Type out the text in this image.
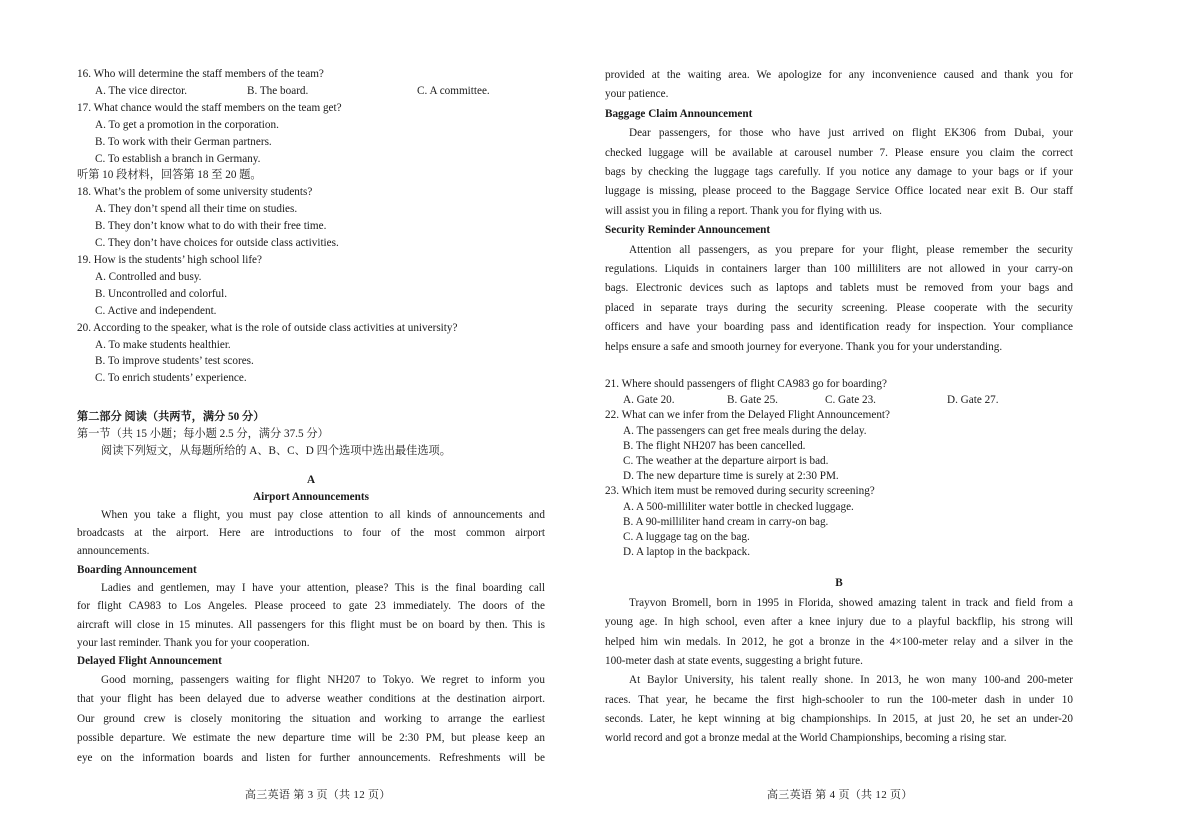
16. Who will determine the staff members of the team?
A. The vice director.	B. The board.	C. A committee.
17. What chance would the staff members on the team get?
A. To get a promotion in the corporation.
B. To work with their German partners.
C. To establish a branch in Germany.
听第 10 段材料，回答第 18 至 20 题。
18. What’s the problem of some university students?
A. They don’t spend all their time on studies.
B. They don’t know what to do with their free time.
C. They don’t have choices for outside class activities.
19. How is the students’ high school life?
A. Controlled and busy.
B. Uncontrolled and colorful.
C. Active and independent.
20. According to the speaker, what is the role of outside class activities at university?
A. To make students healthier.
B. To improve students’ test scores.
C. To enrich students’ experience.
第二部分 阅读（共两节，满分 50 分）
第一节（共 15 小题；每小题 2.5 分，满分 37.5 分）
阅读下列短文，从每题所给的 A、B、C、D 四个选项中选出最佳选项。
A
Airport Announcements
When you take a flight, you must pay close attention to all kinds of announcements and
broadcasts at the airport. Here are introductions to four of the most common airport
announcements.
Boarding Announcement
Ladies and gentlemen, may I have your attention, please? This is the final boarding call
for flight CA983 to Los Angeles. Please proceed to gate 23 immediately. The doors of the
aircraft will close in 15 minutes. All passengers for this flight must be on board by then. This is
your last reminder. Thank you for your cooperation.
Delayed Flight Announcement
Good morning, passengers waiting for flight NH207 to Tokyo. We regret to inform you
that your flight has been delayed due to adverse weather conditions at the destination airport.
Our ground crew is closely monitoring the situation and working to arrange the earliest
possible departure. We estimate the new departure time will be 2:30 PM, but please keep an
eye on the information boards and listen for further announcements. Refreshments will be
provided at the waiting area. We apologize for any inconvenience caused and thank you for
your patience.
Baggage Claim Announcement
Dear passengers, for those who have just arrived on flight EK306 from Dubai, your
checked luggage will be available at carousel number 7. Please ensure you claim the correct
bags by checking the luggage tags carefully. If you notice any damage to your bags or if your
luggage is missing, please proceed to the Baggage Service Office located near exit B. Our staff
will assist you in filing a report. Thank you for flying with us.
Security Reminder Announcement
Attention all passengers, as you prepare for your flight, please remember the security
regulations. Liquids in containers larger than 100 milliliters are not allowed in your carry-on
bags. Electronic devices such as laptops and tablets must be removed from your bags and
placed in separate trays during the security screening. Please cooperate with the security
officers and have your boarding pass and identification ready for inspection. Your compliance
helps ensure a safe and smooth journey for everyone. Thank you for your understanding.
21. Where should passengers of flight CA983 go for boarding?
A. Gate 20.	B. Gate 25.	C. Gate 23.	D. Gate 27.
22. What can we infer from the Delayed Flight Announcement?
A. The passengers can get free meals during the delay.
B. The flight NH207 has been cancelled.
C. The weather at the departure airport is bad.
D. The new departure time is surely at 2:30 PM.
23. Which item must be removed during security screening?
A. A 500-milliliter water bottle in checked luggage.
B. A 90-milliliter hand cream in carry-on bag.
C. A luggage tag on the bag.
D. A laptop in the backpack.
B
Trayvon Bromell, born in 1995 in Florida, showed amazing talent in track and field from a
young age. In high school, even after a knee injury due to a playful backflip, his strong will
helped him win medals. In 2012, he got a bronze in the 4×100-meter relay and a silver in the
100-meter dash at state events, suggesting a bright future.
At Baylor University, his talent really shone. In 2013, he won many 100-and 200-meter
races. That year, he became the first high-schooler to run the 100-meter dash in under 10
seconds. Later, he kept winning at big championships. In 2015, at just 20, he set an under-20
world record and got a bronze medal at the World Championships, becoming a rising star.
高三英语 第 3 页（共 12 页）	高三英语 第 4 页（共 12 页）
